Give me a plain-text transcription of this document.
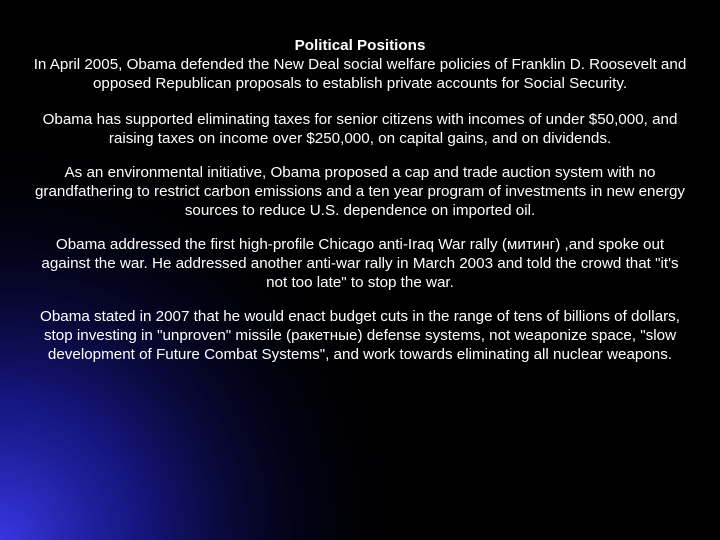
Political Positions

In April 2005, Obama defended the New Deal social welfare policies of Franklin D. Roosevelt and opposed Republican proposals to establish private accounts for Social Security.

Obama has supported eliminating taxes for senior citizens with incomes of under $50,000, and raising taxes on income over $250,000, on capital gains, and on dividends.

As an environmental initiative, Obama proposed a cap and trade auction system with no grandfathering to restrict carbon emissions and a ten year program of investments in new energy sources to reduce U.S. dependence on imported oil.

Obama addressed the first high-profile Chicago anti-Iraq War rally (митинг) ,and spoke out against the war. He addressed another anti-war rally in March 2003 and told the crowd that "it's not too late" to stop the war.

Obama stated in 2007 that he would enact budget cuts in the range of tens of billions of dollars, stop investing in "unproven" missile (ракетные) defense systems, not weaponize space, "slow development of Future Combat Systems", and work towards eliminating all nuclear weapons.
